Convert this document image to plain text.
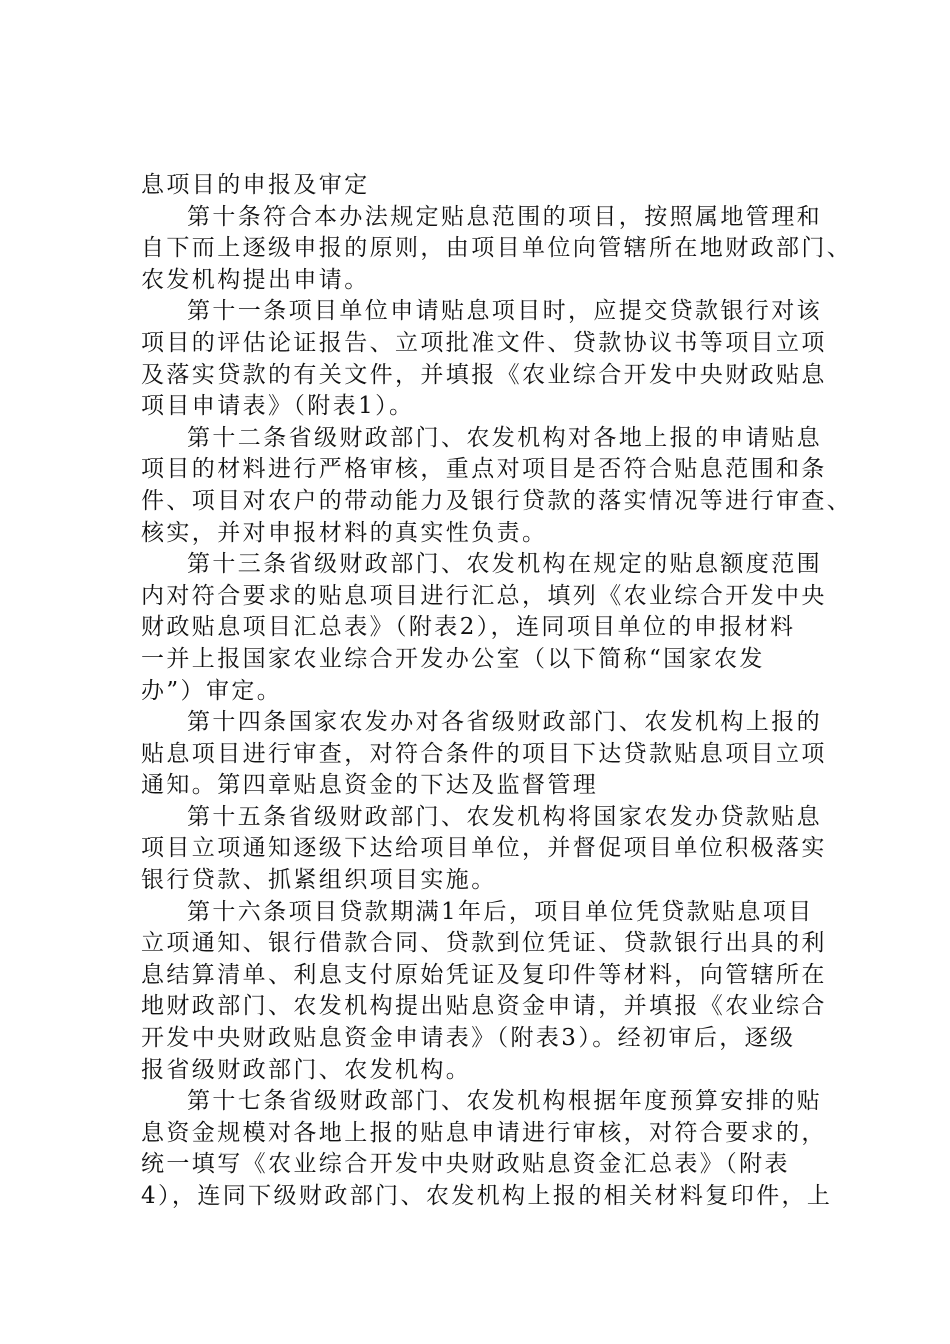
息项目的申报及审定
第十条符合本办法规定贴息范围的项目，按照属地管理和
自下而上逐级申报的原则，由项目单位向管辖所在地财政部门、
农发机构提出申请。
第十一条项目单位申请贴息项目时，应提交贷款银行对该
项目的评估论证报告、立项批准文件、贷款协议书等项目立项
及落实贷款的有关文件，并填报《农业综合开发中央财政贴息
项目申请表》（附表1）。
第十二条省级财政部门、农发机构对各地上报的申请贴息
项目的材料进行严格审核，重点对项目是否符合贴息范围和条
件、项目对农户的带动能力及银行贷款的落实情况等进行审查、
核实，并对申报材料的真实性负责。
第十三条省级财政部门、农发机构在规定的贴息额度范围
内对符合要求的贴息项目进行汇总，填列《农业综合开发中央
财政贴息项目汇总表》（附表2），连同项目单位的申报材料
一并上报国家农业综合开发办公室（以下简称“国家农发
办”）审定。
第十四条国家农发办对各省级财政部门、农发机构上报的
贴息项目进行审查，对符合条件的项目下达贷款贴息项目立项
通知。第四章贴息资金的下达及监督管理
第十五条省级财政部门、农发机构将国家农发办贷款贴息
项目立项通知逐级下达给项目单位，并督促项目单位积极落实
银行贷款、抓紧组织项目实施。
第十六条项目贷款期满1年后，项目单位凭贷款贴息项目
立项通知、银行借款合同、贷款到位凭证、贷款银行出具的利
息结算清单、利息支付原始凭证及复印件等材料，向管辖所在
地财政部门、农发机构提出贴息资金申请，并填报《农业综合
开发中央财政贴息资金申请表》（附表3）。经初审后，逐级
报省级财政部门、农发机构。
第十七条省级财政部门、农发机构根据年度预算安排的贴
息资金规模对各地上报的贴息申请进行审核，对符合要求的，
统一填写《农业综合开发中央财政贴息资金汇总表》（附表
4），连同下级财政部门、农发机构上报的相关材料复印件，上
